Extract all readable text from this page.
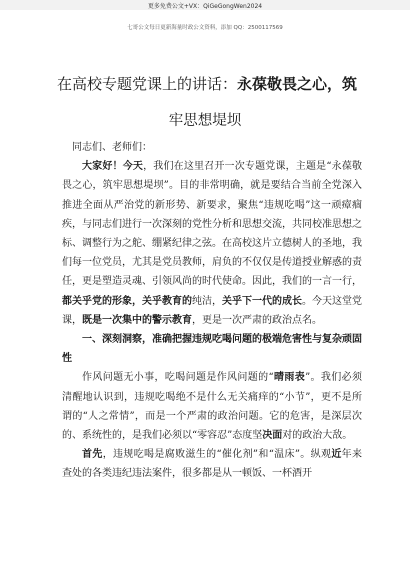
更多免费公文+VX：QiGeGongWen2024
七哥公文每日更新海量时政公文资料，添加 QQ：2500117569
在高校专题党课上的讲话：永葆敬畏之心，筑
牢思想堤坝

同志们、老师们：

大家好！今天，我们在这里召开一次专题党课，主题是“永葆敬畏之心，筑牢思想堤坝”。目的非常明确，就是要结合当前全党深入推进全面从严治党的新形势、新要求，聚焦“违规吃喝”这一顽瘴痼疾，与同志们进行一次深刻的党性分析和思想交流，共同校准思想之标、调整行为之舵、绷紧纪律之弦。在高校这片立德树人的圣地，我们每一位党员，尤其是党员教师，肩负的不仅仅是传道授业解惑的责任，更是塑造灵魂、引领风尚的时代使命。因此，我们的一言一行，都关乎党的形象，关乎教育的纯洁，关乎下一代的成长。今天这堂党课，既是一次集中的警示教育，更是一次严肃的政治点名。

一、深刻洞察，准确把握违规吃喝问题的极端危害性与复杂顽固性

作风问题无小事，吃喝问题是作风问题的“晴雨表”。我们必须清醒地认识到，违规吃喝绝不是什么无关痛痒的“小节”，更不是所谓的“人之常情”，而是一个严肃的政治问题。它的危害，是深层次的、系统性的，是我们必须以“零容忍”态度坚决面对的政治大敌。

首先，违规吃喝是腐败滋生的“催化剂”和“温床”。纵观近年来查处的各类违纪违法案件，很多都是从一顿饭、一杯酒开
